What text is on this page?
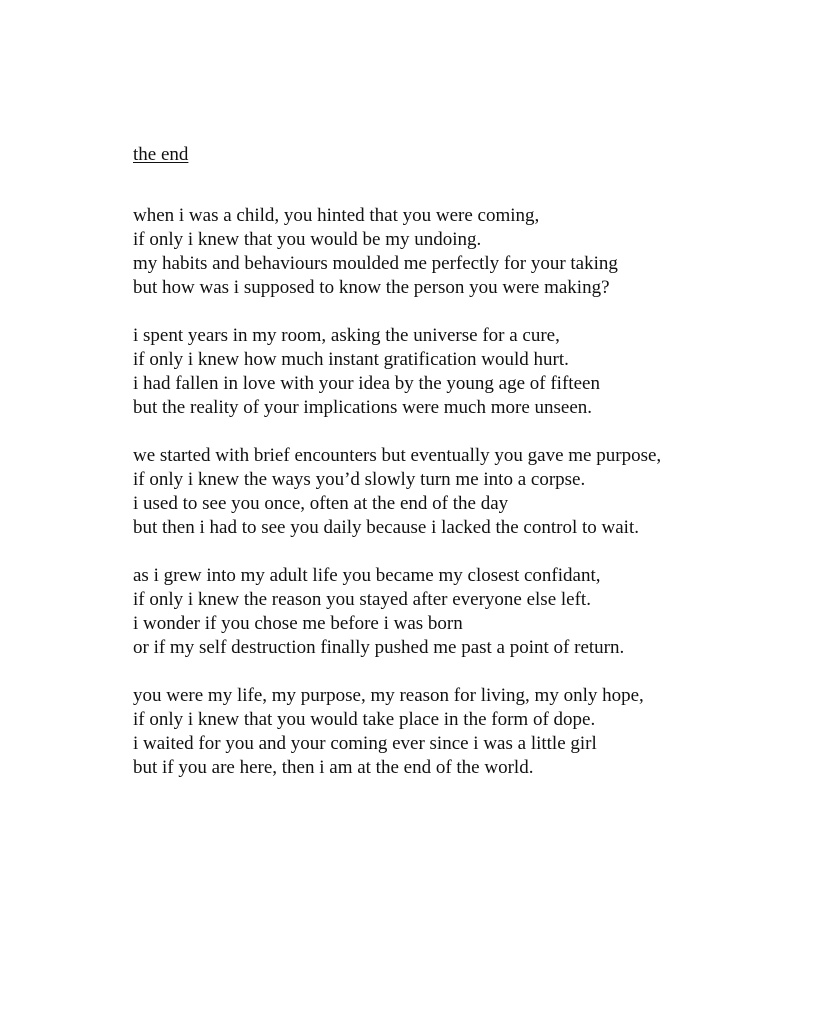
the end
when i was a child, you hinted that you were coming,
if only i knew that you would be my undoing.
my habits and behaviours moulded me perfectly for your taking
but how was i supposed to know the person you were making?
i spent years in my room, asking the universe for a cure,
if only i knew how much instant gratification would hurt.
i had fallen in love with your idea by the young age of fifteen
but the reality of your implications were much more unseen.
we started with brief encounters but eventually you gave me purpose,
if only i knew the ways you’d slowly turn me into a corpse.
i used to see you once, often at the end of the day
but then i had to see you daily because i lacked the control to wait.
as i grew into my adult life you became my closest confidant,
if only i knew the reason you stayed after everyone else left.
i wonder if you chose me before i was born
or if my self destruction finally pushed me past a point of return.
you were my life, my purpose, my reason for living, my only hope,
if only i knew that you would take place in the form of dope.
i waited for you and your coming ever since i was a little girl
but if you are here, then i am at the end of the world.
